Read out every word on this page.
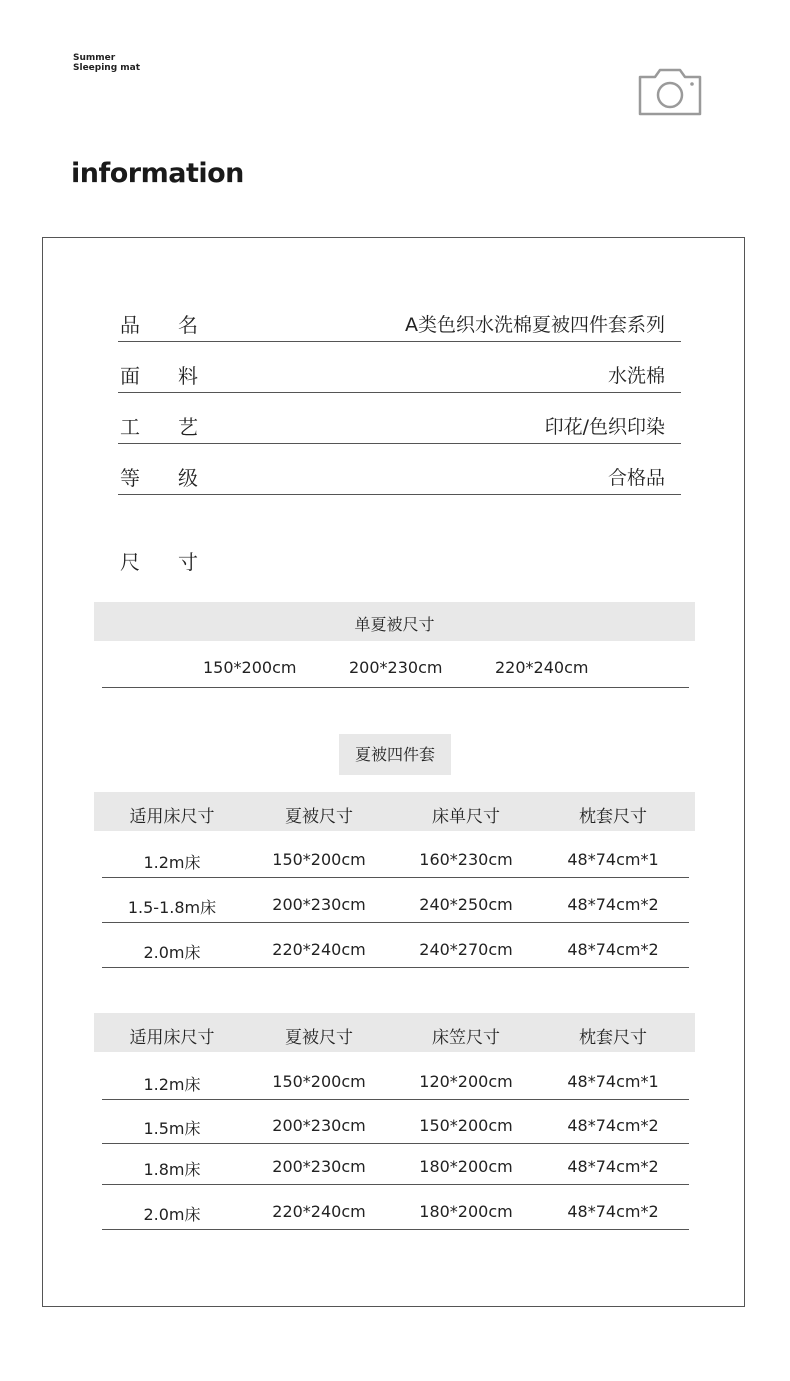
Summer
Sleeping mat
information
品 名	A类色织水洗棉夏被四件套系列
面 料	水洗棉
工 艺	印花/色织印染
等 级	合格品
尺 寸
单夏被尺寸
150*200cm	200*230cm	220*240cm
夏被四件套
适用床尺寸	夏被尺寸	床单尺寸	枕套尺寸
1.2m床	150*200cm	160*230cm	48*74cm*1
1.5-1.8m床	200*230cm	240*250cm	48*74cm*2
2.0m床	220*240cm	240*270cm	48*74cm*2
适用床尺寸	夏被尺寸	床笠尺寸	枕套尺寸
1.2m床	150*200cm	120*200cm	48*74cm*1
1.5m床	200*230cm	150*200cm	48*74cm*2
1.8m床	200*230cm	180*200cm	48*74cm*2
2.0m床	220*240cm	180*200cm	48*74cm*2
